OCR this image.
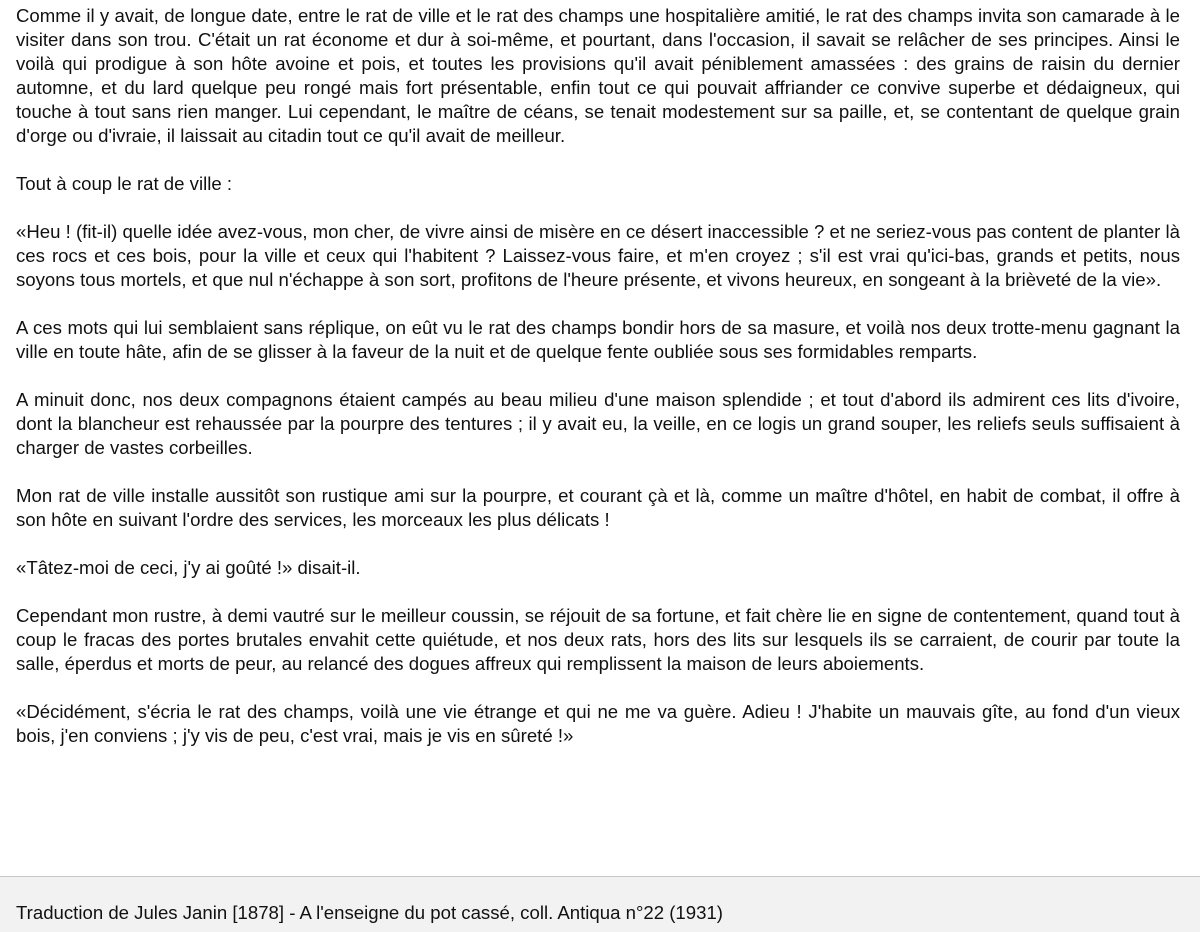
Comme il y avait, de longue date, entre le rat de ville et le rat des champs une hospitalière amitié, le rat des champs invita son camarade à le visiter dans son trou. C'était un rat économe et dur à soi-même, et pourtant, dans l'occasion, il savait se relâcher de ses principes. Ainsi le voilà qui prodigue à son hôte avoine et pois, et toutes les provisions qu'il avait péniblement amassées : des grains de raisin du dernier automne, et du lard quelque peu rongé mais fort présentable, enfin tout ce qui pouvait affriander ce convive superbe et dédaigneux, qui touche à tout sans rien manger. Lui cependant, le maître de céans, se tenait modestement sur sa paille, et, se contentant de quelque grain d'orge ou d'ivraie, il laissait au citadin tout ce qu'il avait de meilleur.

Tout à coup le rat de ville :

«Heu ! (fit-il) quelle idée avez-vous, mon cher, de vivre ainsi de misère en ce désert inaccessible ? et ne seriez-vous pas content de planter là ces rocs et ces bois, pour la ville et ceux qui l'habitent ? Laissez-vous faire, et m'en croyez ; s'il est vrai qu'ici-bas, grands et petits, nous soyons tous mortels, et que nul n'échappe à son sort, profitons de l'heure présente, et vivons heureux, en songeant à la brièveté de la vie».

A ces mots qui lui semblaient sans réplique, on eût vu le rat des champs bondir hors de sa masure, et voilà nos deux trotte-menu gagnant la ville en toute hâte, afin de se glisser à la faveur de la nuit et de quelque fente oubliée sous ses formidables remparts.

A minuit donc, nos deux compagnons étaient campés au beau milieu d'une maison splendide ; et tout d'abord ils admirent ces lits d'ivoire, dont la blancheur est rehaussée par la pourpre des tentures ; il y avait eu, la veille, en ce logis un grand souper, les reliefs seuls suffisaient à charger de vastes corbeilles.

Mon rat de ville installe aussitôt son rustique ami sur la pourpre, et courant çà et là, comme un maître d'hôtel, en habit de combat, il offre à son hôte en suivant l'ordre des services, les morceaux les plus délicats !

«Tâtez-moi de ceci, j'y ai goûté !» disait-il.

Cependant mon rustre, à demi vautré sur le meilleur coussin, se réjouit de sa fortune, et fait chère lie en signe de contentement, quand tout à coup le fracas des portes brutales envahit cette quiétude, et nos deux rats, hors des lits sur lesquels ils se carraient, de courir par toute la salle, éperdus et morts de peur, au relancé des dogues affreux qui remplissent la maison de leurs aboiements.

«Décidément, s'écria le rat des champs, voilà une vie étrange et qui ne me va guère. Adieu ! J'habite un mauvais gîte, au fond d'un vieux bois, j'en conviens ; j'y vis de peu, c'est vrai, mais je vis en sûreté !»

Traduction de Jules Janin [1878] - A l'enseigne du pot cassé, coll. Antiqua n°22 (1931)
